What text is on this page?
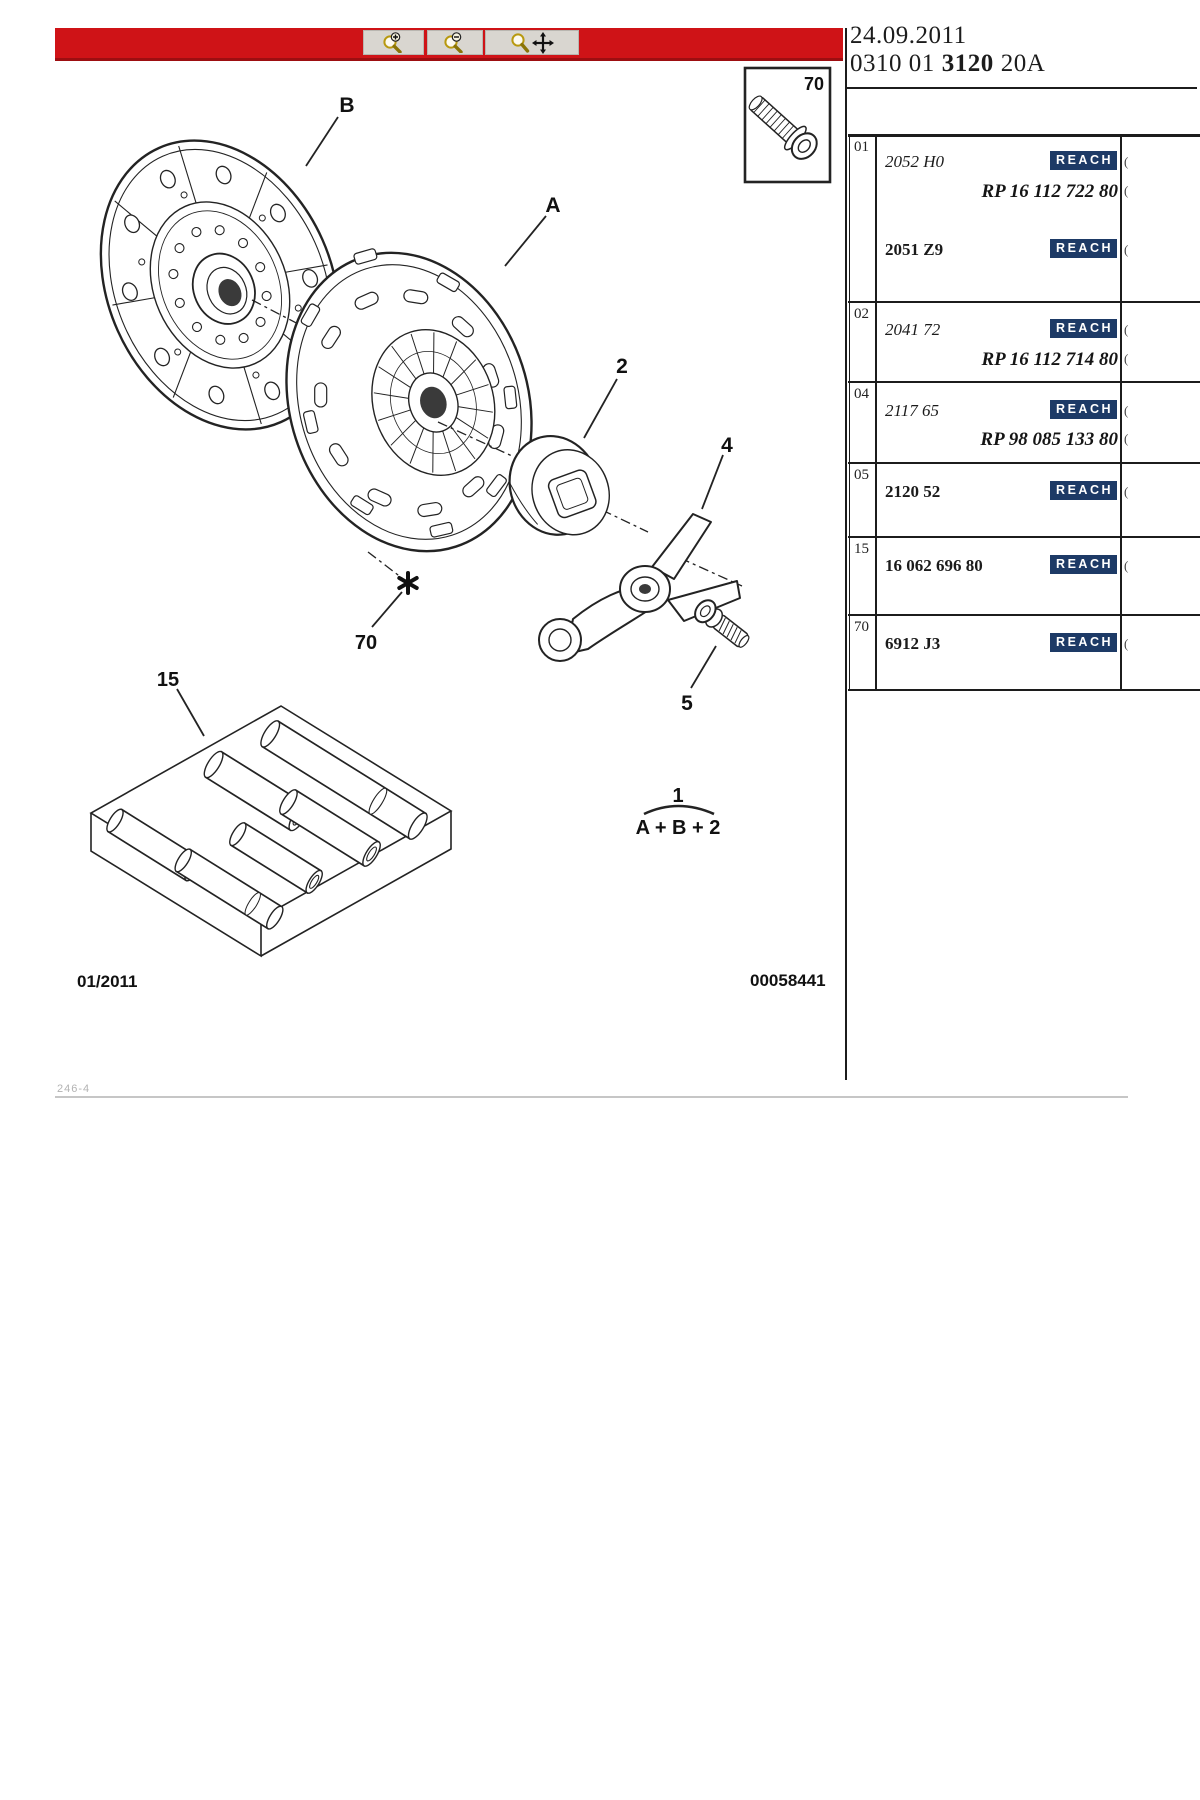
B
A
2
4
5
70
15
70
1
A + B + 2
24.09.2011
0310 01 3120 20A
01
2052 H0	REACH (
RP 16 112 722 80 (
2051 Z9	REACH (
02
2041 72	REACH (
RP 16 112 714 80 (
04
2117 65	REACH (
RP 98 085 133 80 (
05
2120 52	REACH (
15
16 062 696 80	REACH (
70
6912 J3	REACH (
01/2011	00058441
246-4
